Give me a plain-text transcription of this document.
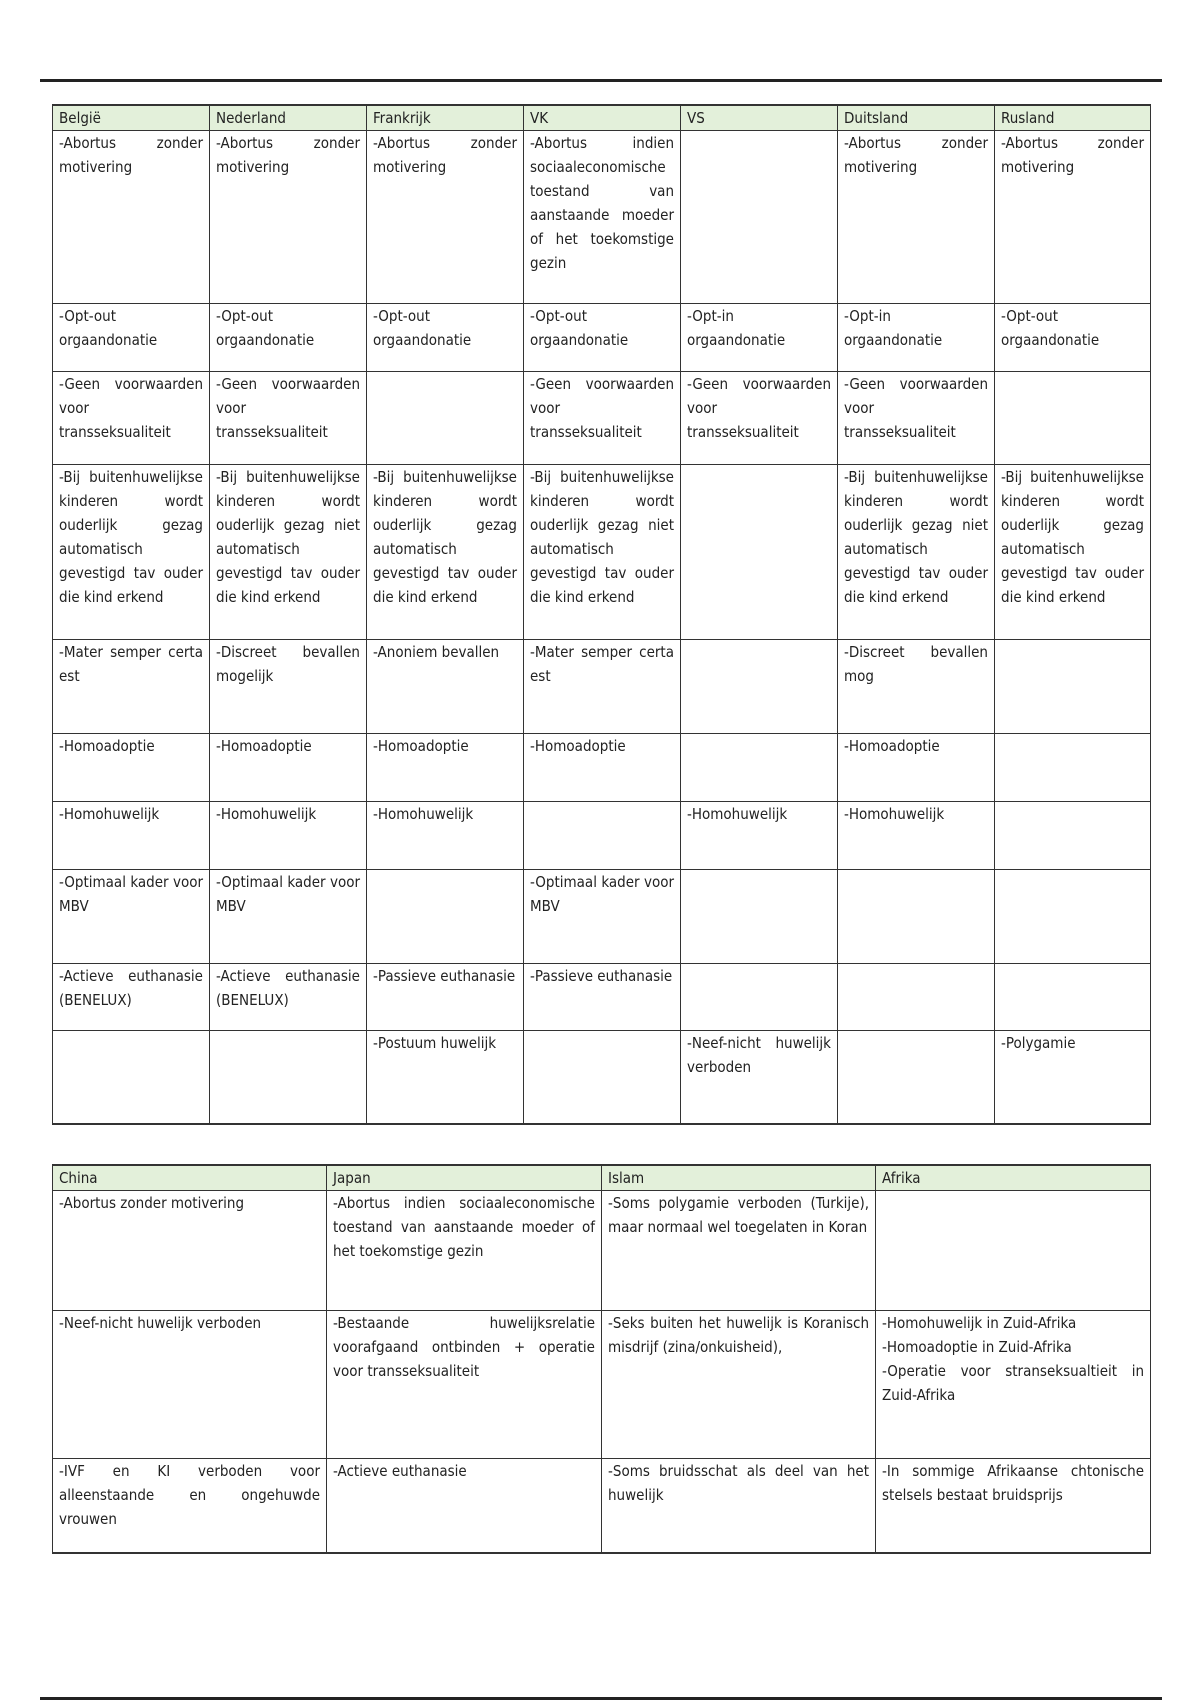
België	Nederland	Frankrijk	VK	VS	Duitsland	Rusland

-Abortus zonder motivering	-Abortus zonder motivering	-Abortus zonder motivering	-Abortus indien sociaaleconomische toestand van aanstaande moeder of het toekomstige gezin		-Abortus zonder motivering	-Abortus zonder motivering

-Opt-out orgaandonatie	-Opt-out orgaandonatie	-Opt-out orgaandonatie	-Opt-out orgaandonatie	-Opt-in orgaandonatie	-Opt-in orgaandonatie	-Opt-out orgaandonatie

-Geen voorwaarden voor transseksualiteit	-Geen voorwaarden voor transseksualiteit		-Geen voorwaarden voor transseksualiteit	-Geen voorwaarden voor transseksualiteit	-Geen voorwaarden voor transseksualiteit	

-Bij buitenhuwelijkse kinderen wordt ouderlijk gezag automatisch gevestigd tav ouder die kind erkend	-Bij buitenhuwelijkse kinderen wordt ouderlijk gezag niet automatisch gevestigd tav ouder die kind erkend	-Bij buitenhuwelijkse kinderen wordt ouderlijk gezag automatisch gevestigd tav ouder die kind erkend	-Bij buitenhuwelijkse kinderen wordt ouderlijk gezag niet automatisch gevestigd tav ouder die kind erkend		-Bij buitenhuwelijkse kinderen wordt ouderlijk gezag niet automatisch gevestigd tav ouder die kind erkend	-Bij buitenhuwelijkse kinderen wordt ouderlijk gezag automatisch gevestigd tav ouder die kind erkend

-Mater semper certa est	-Discreet bevallen mogelijk	-Anoniem bevallen	-Mater semper certa est		-Discreet bevallen mog	

-Homoadoptie	-Homoadoptie	-Homoadoptie	-Homoadoptie		-Homoadoptie	

-Homohuwelijk	-Homohuwelijk	-Homohuwelijk		-Homohuwelijk	-Homohuwelijk	

-Optimaal kader voor MBV	-Optimaal kader voor MBV		-Optimaal kader voor MBV			

-Actieve euthanasie (BENELUX)	-Actieve euthanasie (BENELUX)	-Passieve euthanasie	-Passieve euthanasie			

		-Postuum huwelijk		-Neef-nicht huwelijk verboden		-Polygamie
China	Japan	Islam	Afrika

-Abortus zonder motivering	-Abortus indien sociaaleconomische toestand van aanstaande moeder of het toekomstige gezin	-Soms polygamie verboden (Turkije), maar normaal wel toegelaten in Koran	

-Neef-nicht huwelijk verboden	-Bestaande huwelijksrelatie voorafgaand ontbinden + operatie voor transseksualiteit	-Seks buiten het huwelijk is Koranisch misdrijf (zina/onkuisheid),	-Homohuwelijk in Zuid-Afrika
-Homoadoptie in Zuid-Afrika
-Operatie voor stranseksualtieit in Zuid-Afrika

-IVF en KI verboden voor alleenstaande en ongehuwde vrouwen	-Actieve euthanasie	-Soms bruidsschat als deel van het huwelijk	-In sommige Afrikaanse chtonische stelsels bestaat bruidsprijs
